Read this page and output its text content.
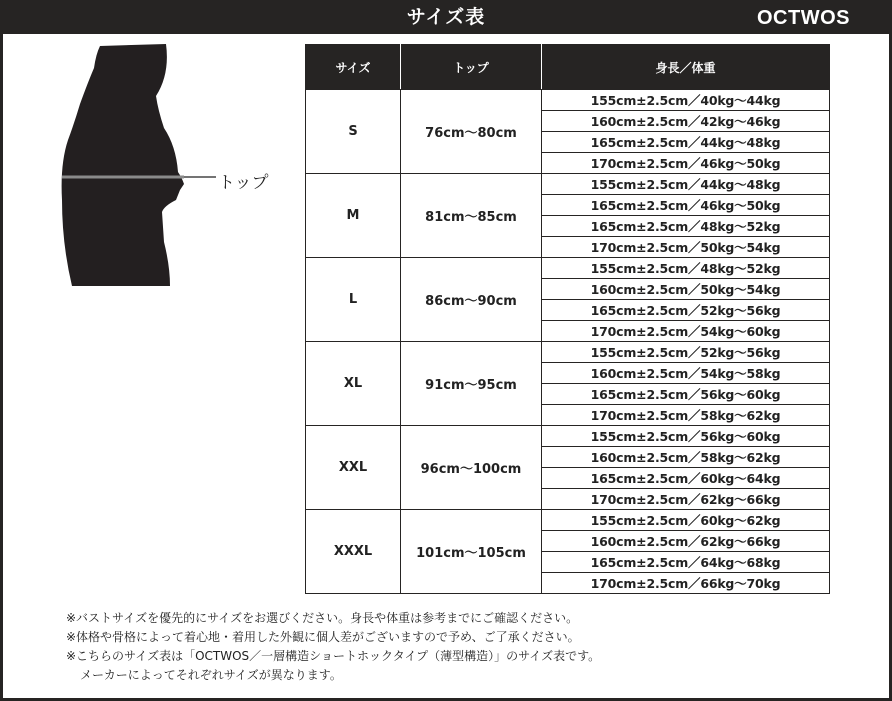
サイズ表	OCTWOS
トップ
サイズ	トップ	身長／体重
S	76cm～80cm	155cm±2.5cm／40kg～44kg
		160cm±2.5cm／42kg～46kg
		165cm±2.5cm／44kg～48kg
		170cm±2.5cm／46kg～50kg
M	81cm～85cm	155cm±2.5cm／44kg～48kg
		165cm±2.5cm／46kg～50kg
		165cm±2.5cm／48kg～52kg
		170cm±2.5cm／50kg～54kg
L	86cm～90cm	155cm±2.5cm／48kg～52kg
		160cm±2.5cm／50kg～54kg
		165cm±2.5cm／52kg～56kg
		170cm±2.5cm／54kg～60kg
XL	91cm～95cm	155cm±2.5cm／52kg～56kg
		160cm±2.5cm／54kg～58kg
		165cm±2.5cm／56kg～60kg
		170cm±2.5cm／58kg～62kg
XXL	96cm～100cm	155cm±2.5cm／56kg～60kg
		160cm±2.5cm／58kg～62kg
		165cm±2.5cm／60kg～64kg
		170cm±2.5cm／62kg～66kg
XXXL	101cm～105cm	155cm±2.5cm／60kg～62kg
		160cm±2.5cm／62kg～66kg
		165cm±2.5cm／64kg～68kg
		170cm±2.5cm／66kg～70kg
※バストサイズを優先的にサイズをお選びください。身長や体重は参考までにご確認ください。
※体格や骨格によって着心地・着用した外観に個人差がございますので予め、ご了承ください。
※こちらのサイズ表は「OCTWOS／一層構造ショートホックタイプ（薄型構造）」のサイズ表です。
メーカーによってそれぞれサイズが異なります。
